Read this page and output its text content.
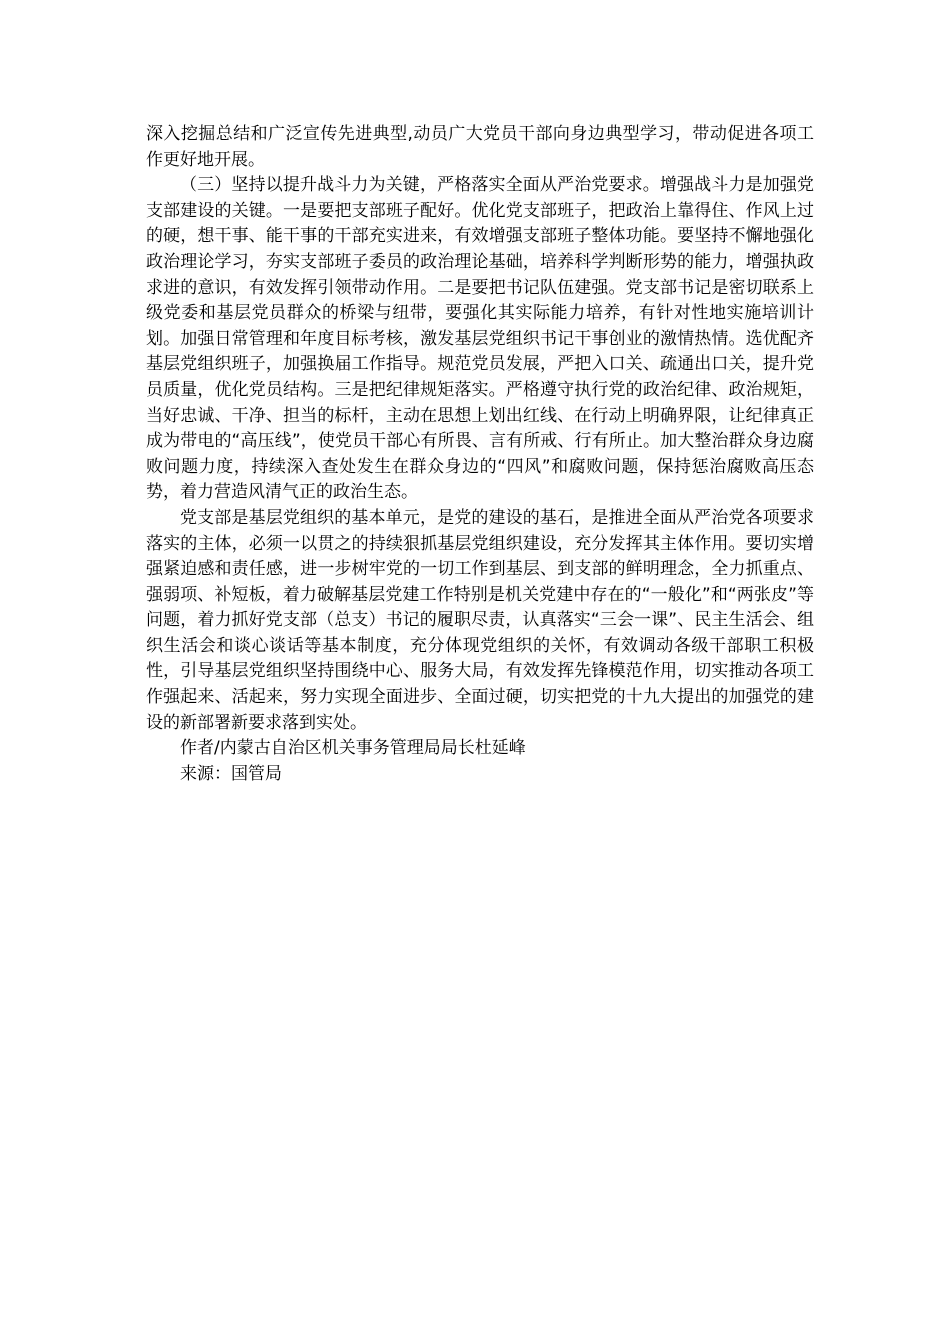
深入挖掘总结和广泛宣传先进典型,动员广大党员干部向身边典型学习，带动促进各项工作更好地开展。

（三）坚持以提升战斗力为关键，严格落实全面从严治党要求。增强战斗力是加强党支部建设的关键。一是要把支部班子配好。优化党支部班子，把政治上靠得住、作风上过的硬，想干事、能干事的干部充实进来，有效增强支部班子整体功能。要坚持不懈地强化政治理论学习，夯实支部班子委员的政治理论基础，培养科学判断形势的能力，增强执政求进的意识，有效发挥引领带动作用。二是要把书记队伍建强。党支部书记是密切联系上级党委和基层党员群众的桥梁与纽带，要强化其实际能力培养，有针对性地实施培训计划。加强日常管理和年度目标考核，激发基层党组织书记干事创业的激情热情。选优配齐基层党组织班子，加强换届工作指导。规范党员发展，严把入口关、疏通出口关，提升党员质量，优化党员结构。三是把纪律规矩落实。严格遵守执行党的政治纪律、政治规矩，当好忠诚、干净、担当的标杆，主动在思想上划出红线、在行动上明确界限，让纪律真正成为带电的“高压线”，使党员干部心有所畏、言有所戒、行有所止。加大整治群众身边腐败问题力度，持续深入查处发生在群众身边的“四风”和腐败问题，保持惩治腐败高压态势，着力营造风清气正的政治生态。

党支部是基层党组织的基本单元，是党的建设的基石，是推进全面从严治党各项要求落实的主体，必须一以贯之的持续狠抓基层党组织建设，充分发挥其主体作用。要切实增强紧迫感和责任感，进一步树牢党的一切工作到基层、到支部的鲜明理念，全力抓重点、强弱项、补短板，着力破解基层党建工作特别是机关党建中存在的“一般化”和“两张皮”等问题，着力抓好党支部（总支）书记的履职尽责，认真落实“三会一课”、民主生活会、组织生活会和谈心谈话等基本制度，充分体现党组织的关怀，有效调动各级干部职工积极性，引导基层党组织坚持围绕中心、服务大局，有效发挥先锋模范作用，切实推动各项工作强起来、活起来，努力实现全面进步、全面过硬，切实把党的十九大提出的加强党的建设的新部署新要求落到实处。

作者/内蒙古自治区机关事务管理局局长杜延峰

来源：国管局
